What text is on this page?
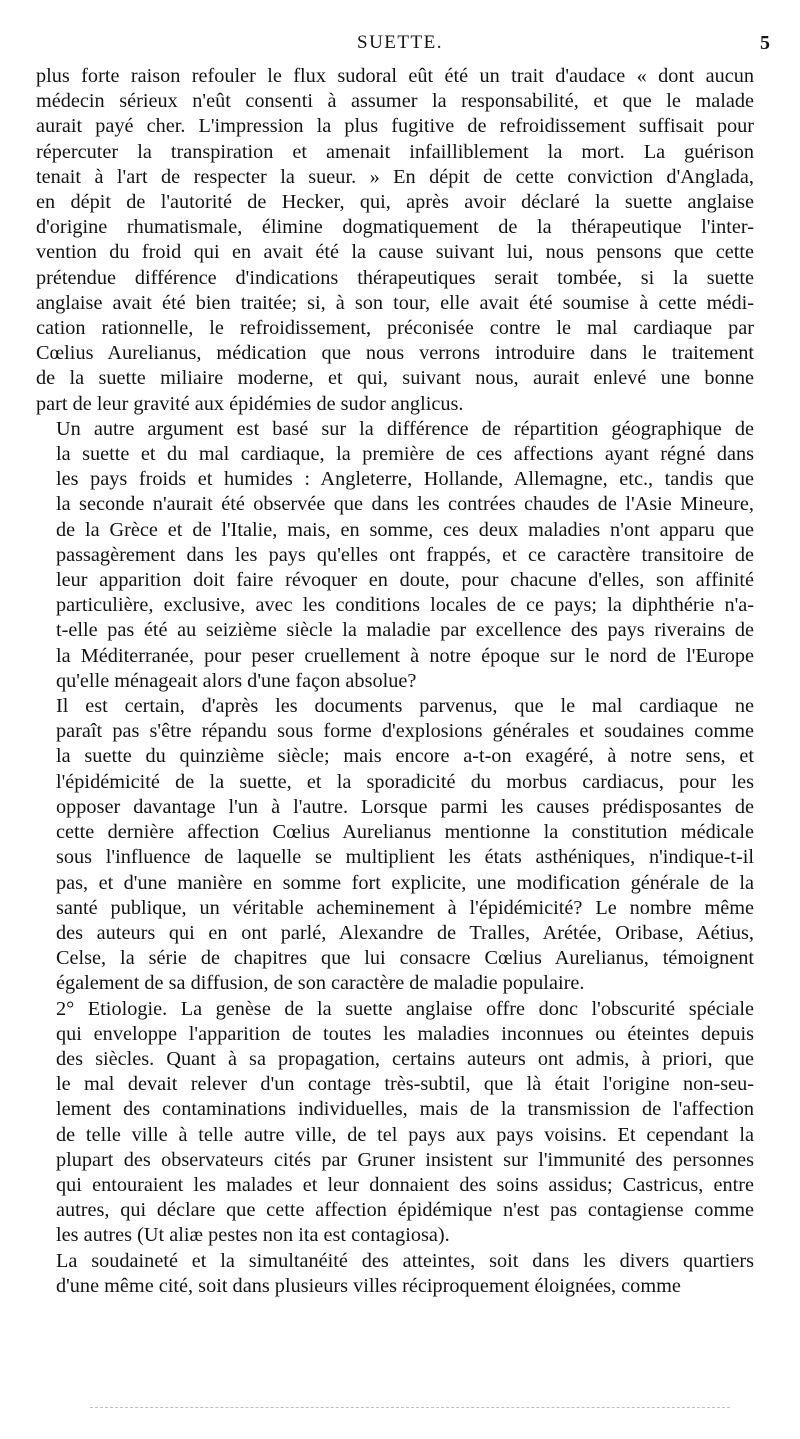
SUETTE.	5
plus forte raison refouler le flux sudoral eût été un trait d'audace « dont aucun
médecin sérieux n'eût consenti à assumer la responsabilité, et que le malade
aurait payé cher. L'impression la plus fugitive de refroidissement suffisait pour
répercuter la transpiration et amenait infailliblement la mort. La guérison
tenait à l'art de respecter la sueur. » En dépit de cette conviction d'Anglada,
en dépit de l'autorité de Hecker, qui, après avoir déclaré la suette anglaise
d'origine rhumatismale, élimine dogmatiquement de la thérapeutique l'inter-
vention du froid qui en avait été la cause suivant lui, nous pensons que cette
prétendue différence d'indications thérapeutiques serait tombée, si la suette
anglaise avait été bien traitée; si, à son tour, elle avait été soumise à cette médi-
cation rationnelle, le refroidissement, préconisée contre le mal cardiaque par
Cœlius Aurelianus, médication que nous verrons introduire dans le traitement
de la suette miliaire moderne, et qui, suivant nous, aurait enlevé une bonne
part de leur gravité aux épidémies de sudor anglicus.
Un autre argument est basé sur la différence de répartition géographique de
la suette et du mal cardiaque, la première de ces affections ayant régné dans
les pays froids et humides : Angleterre, Hollande, Allemagne, etc., tandis que
la seconde n'aurait été observée que dans les contrées chaudes de l'Asie Mineure,
de la Grèce et de l'Italie, mais, en somme, ces deux maladies n'ont apparu que
passagèrement dans les pays qu'elles ont frappés, et ce caractère transitoire de
leur apparition doit faire révoquer en doute, pour chacune d'elles, son affinité
particulière, exclusive, avec les conditions locales de ce pays; la diphthérie n'a-
t-elle pas été au seizième siècle la maladie par excellence des pays riverains de
la Méditerranée, pour peser cruellement à notre époque sur le nord de l'Europe
qu'elle ménageait alors d'une façon absolue?
Il est certain, d'après les documents parvenus, que le mal cardiaque ne
paraît pas s'être répandu sous forme d'explosions générales et soudaines comme
la suette du quinzième siècle; mais encore a-t-on exagéré, à notre sens, et
l'épidémicité de la suette, et la sporadicité du morbus cardiacus, pour les
opposer davantage l'un à l'autre. Lorsque parmi les causes prédisposantes de
cette dernière affection Cœlius Aurelianus mentionne la constitution médicale
sous l'influence de laquelle se multiplient les états asthéniques, n'indique-t-il
pas, et d'une manière en somme fort explicite, une modification générale de la
santé publique, un véritable acheminement à l'épidémicité? Le nombre même
des auteurs qui en ont parlé, Alexandre de Tralles, Arétée, Oribase, Aétius,
Celse, la série de chapitres que lui consacre Cœlius Aurelianus, témoignent
également de sa diffusion, de son caractère de maladie populaire.
2° Etiologie. La genèse de la suette anglaise offre donc l'obscurité spéciale
qui enveloppe l'apparition de toutes les maladies inconnues ou éteintes depuis
des siècles. Quant à sa propagation, certains auteurs ont admis, à priori, que
le mal devait relever d'un contage très-subtil, que là était l'origine non-seu-
lement des contaminations individuelles, mais de la transmission de l'affection
de telle ville à telle autre ville, de tel pays aux pays voisins. Et cependant la
plupart des observateurs cités par Gruner insistent sur l'immunité des personnes
qui entouraient les malades et leur donnaient des soins assidus; Castricus, entre
autres, qui déclare que cette affection épidémique n'est pas contagiense comme
les autres (Ut aliæ pestes non ita est contagiosa).
La soudaineté et la simultanéité des atteintes, soit dans les divers quartiers
d'une même cité, soit dans plusieurs villes réciproquement éloignées, comme
